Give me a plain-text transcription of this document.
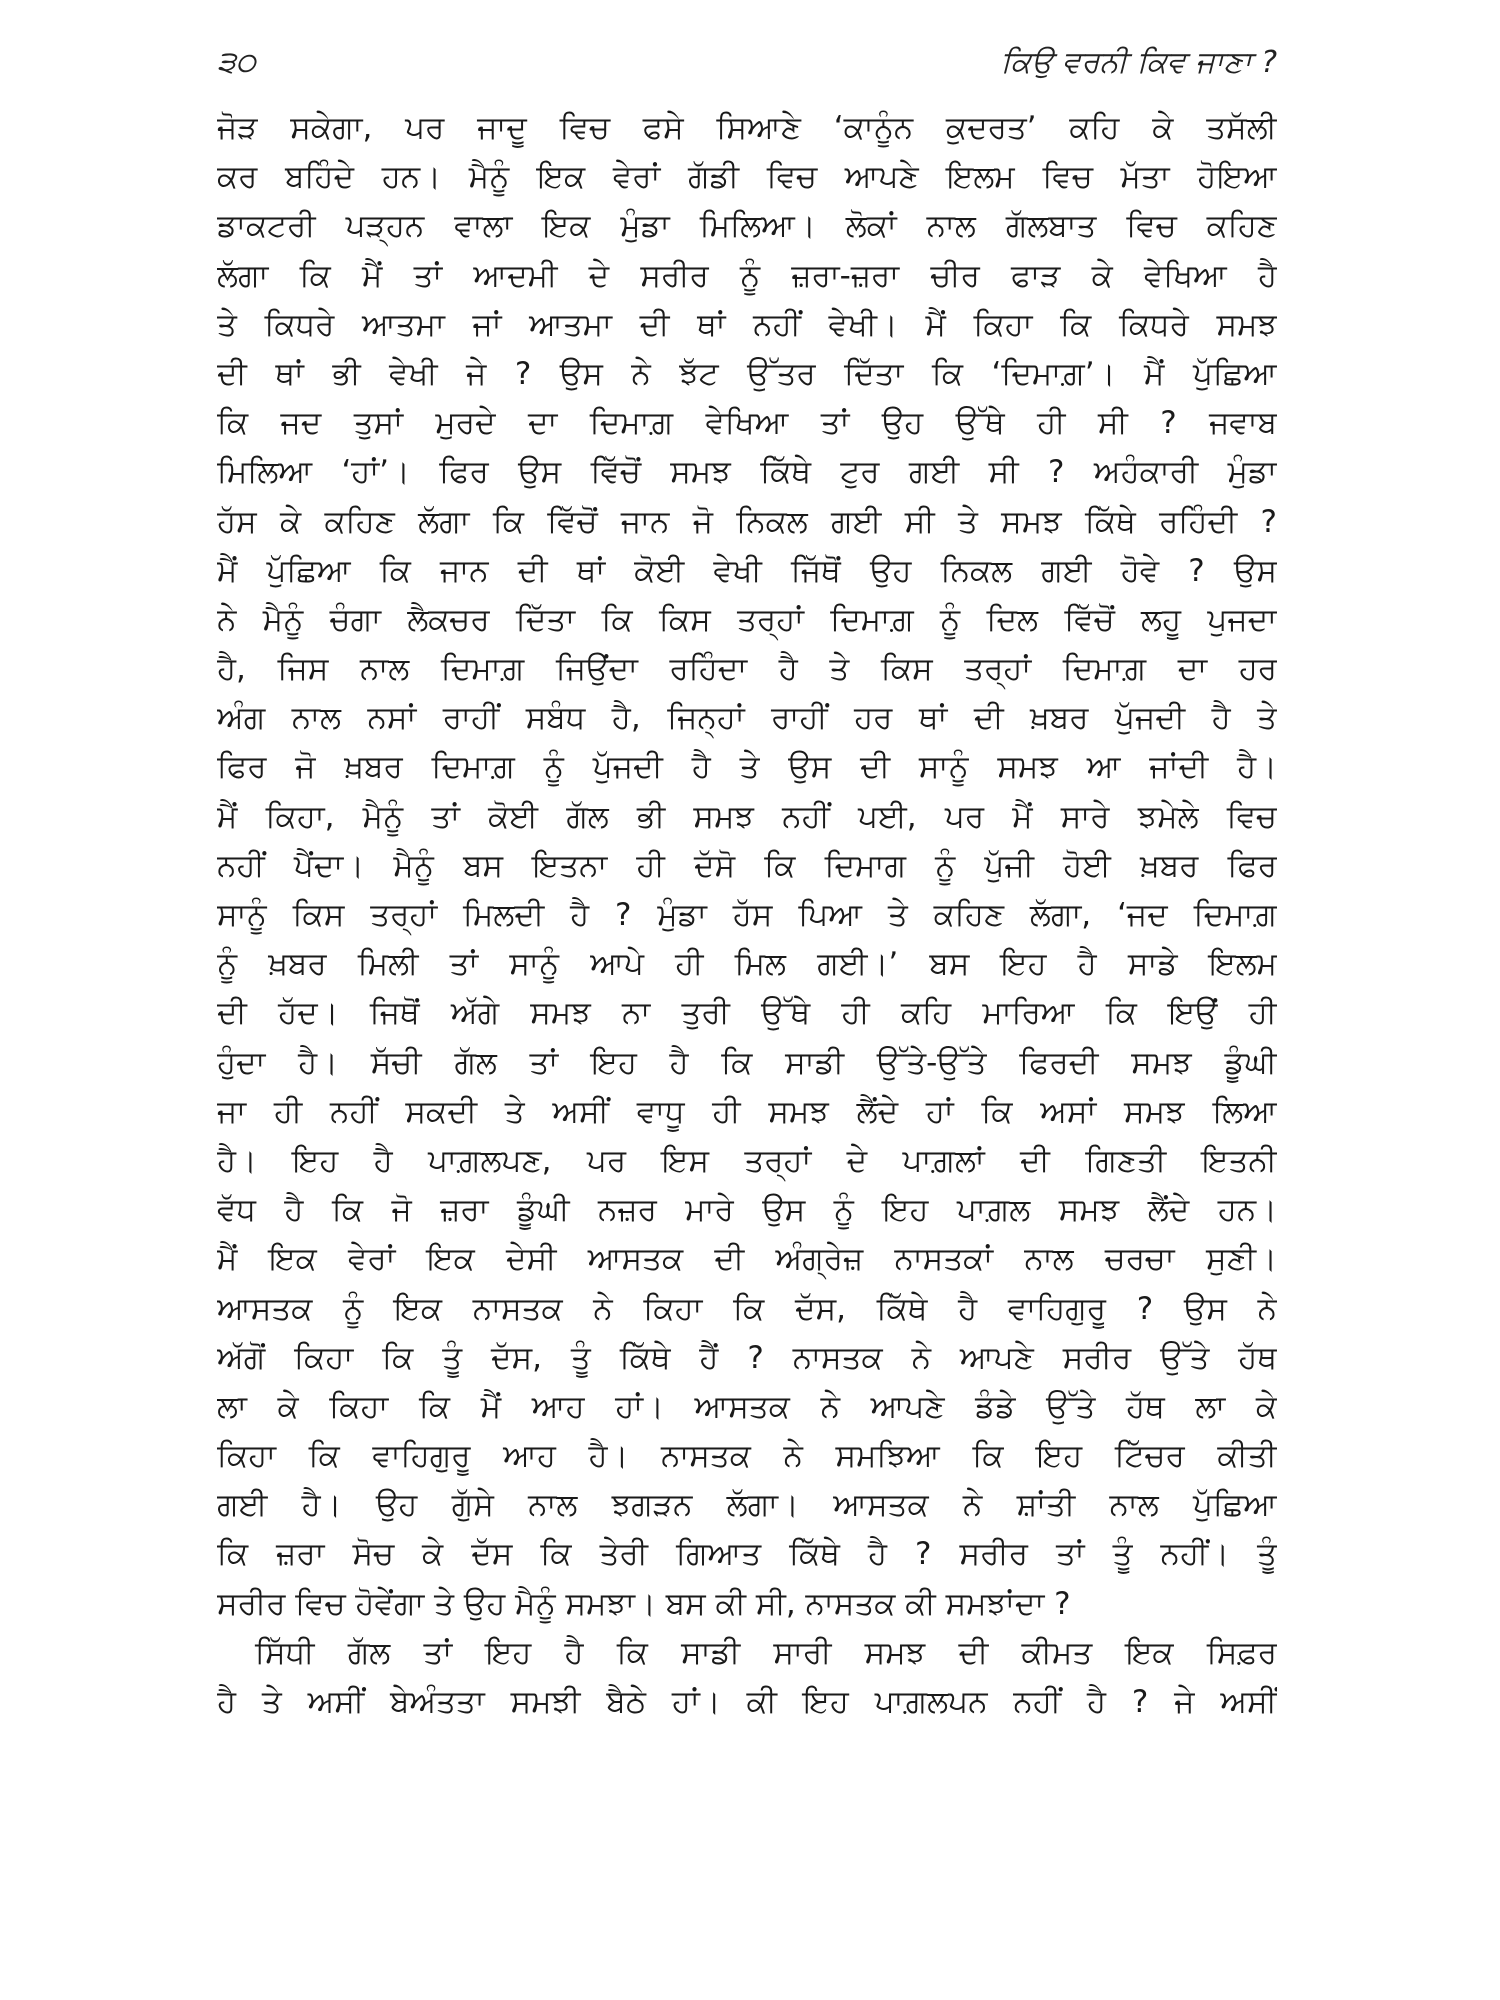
੩੦	ਕਿਉ ਵਰਨੀ ਕਿਵ ਜਾਣਾ ?
ਜੋੜ ਸਕੇਗਾ, ਪਰ ਜਾਦੂ ਵਿਚ ਫਸੇ ਸਿਆਣੇ ‘ਕਾਨੂੰਨ ਕੁਦਰਤ’ ਕਹਿ ਕੇ ਤਸੱਲੀ
ਕਰ ਬਹਿੰਦੇ ਹਨ। ਮੈਨੂੰ ਇਕ ਵੇਰਾਂ ਗੱਡੀ ਵਿਚ ਆਪਣੇ ਇਲਮ ਵਿਚ ਮੱਤਾ ਹੋਇਆ
ਡਾਕਟਰੀ ਪੜ੍ਹਨ ਵਾਲਾ ਇਕ ਮੁੰਡਾ ਮਿਲਿਆ। ਲੋਕਾਂ ਨਾਲ ਗੱਲਬਾਤ ਵਿਚ ਕਹਿਣ
ਲੱਗਾ ਕਿ ਮੈਂ ਤਾਂ ਆਦਮੀ ਦੇ ਸਰੀਰ ਨੂੰ ਜ਼ਰਾ-ਜ਼ਰਾ ਚੀਰ ਫਾੜ ਕੇ ਵੇਖਿਆ ਹੈ
ਤੇ ਕਿਧਰੇ ਆਤਮਾ ਜਾਂ ਆਤਮਾ ਦੀ ਥਾਂ ਨਹੀਂ ਵੇਖੀ। ਮੈਂ ਕਿਹਾ ਕਿ ਕਿਧਰੇ ਸਮਝ
ਦੀ ਥਾਂ ਭੀ ਵੇਖੀ ਜੇ ? ਉਸ ਨੇ ਝੱਟ ਉੱਤਰ ਦਿੱਤਾ ਕਿ ‘ਦਿਮਾਗ਼’। ਮੈਂ ਪੁੱਛਿਆ
ਕਿ ਜਦ ਤੁਸਾਂ ਮੁਰਦੇ ਦਾ ਦਿਮਾਗ਼ ਵੇਖਿਆ ਤਾਂ ਉਹ ਉੱਥੇ ਹੀ ਸੀ ? ਜਵਾਬ
ਮਿਲਿਆ ‘ਹਾਂ’। ਫਿਰ ਉਸ ਵਿੱਚੋਂ ਸਮਝ ਕਿੱਥੇ ਟੁਰ ਗਈ ਸੀ ? ਅਹੰਕਾਰੀ ਮੁੰਡਾ
ਹੱਸ ਕੇ ਕਹਿਣ ਲੱਗਾ ਕਿ ਵਿੱਚੋਂ ਜਾਨ ਜੋ ਨਿਕਲ ਗਈ ਸੀ ਤੇ ਸਮਝ ਕਿੱਥੇ ਰਹਿੰਦੀ ?
ਮੈਂ ਪੁੱਛਿਆ ਕਿ ਜਾਨ ਦੀ ਥਾਂ ਕੋਈ ਵੇਖੀ ਜਿੱਥੋਂ ਉਹ ਨਿਕਲ ਗਈ ਹੋਵੇ ? ਉਸ
ਨੇ ਮੈਨੂੰ ਚੰਗਾ ਲੈਕਚਰ ਦਿੱਤਾ ਕਿ ਕਿਸ ਤਰ੍ਹਾਂ ਦਿਮਾਗ਼ ਨੂੰ ਦਿਲ ਵਿੱਚੋਂ ਲਹੂ ਪੁਜਦਾ
ਹੈ, ਜਿਸ ਨਾਲ ਦਿਮਾਗ਼ ਜਿਉਂਦਾ ਰਹਿੰਦਾ ਹੈ ਤੇ ਕਿਸ ਤਰ੍ਹਾਂ ਦਿਮਾਗ਼ ਦਾ ਹਰ
ਅੰਗ ਨਾਲ ਨਸਾਂ ਰਾਹੀਂ ਸਬੰਧ ਹੈ, ਜਿਨ੍ਹਾਂ ਰਾਹੀਂ ਹਰ ਥਾਂ ਦੀ ਖ਼ਬਰ ਪੁੱਜਦੀ ਹੈ ਤੇ
ਫਿਰ ਜੋ ਖ਼ਬਰ ਦਿਮਾਗ਼ ਨੂੰ ਪੁੱਜਦੀ ਹੈ ਤੇ ਉਸ ਦੀ ਸਾਨੂੰ ਸਮਝ ਆ ਜਾਂਦੀ ਹੈ।
ਮੈਂ ਕਿਹਾ, ਮੈਨੂੰ ਤਾਂ ਕੋਈ ਗੱਲ ਭੀ ਸਮਝ ਨਹੀਂ ਪਈ, ਪਰ ਮੈਂ ਸਾਰੇ ਝਮੇਲੇ ਵਿਚ
ਨਹੀਂ ਪੈਂਦਾ। ਮੈਨੂੰ ਬਸ ਇਤਨਾ ਹੀ ਦੱਸੋ ਕਿ ਦਿਮਾਗ ਨੂੰ ਪੁੱਜੀ ਹੋਈ ਖ਼ਬਰ ਫਿਰ
ਸਾਨੂੰ ਕਿਸ ਤਰ੍ਹਾਂ ਮਿਲਦੀ ਹੈ ? ਮੁੰਡਾ ਹੱਸ ਪਿਆ ਤੇ ਕਹਿਣ ਲੱਗਾ, ‘ਜਦ ਦਿਮਾਗ਼
ਨੂੰ ਖ਼ਬਰ ਮਿਲੀ ਤਾਂ ਸਾਨੂੰ ਆਪੇ ਹੀ ਮਿਲ ਗਈ।’ ਬਸ ਇਹ ਹੈ ਸਾਡੇ ਇਲਮ
ਦੀ ਹੱਦ। ਜਿਥੋਂ ਅੱਗੇ ਸਮਝ ਨਾ ਤੁਰੀ ਉੱਥੇ ਹੀ ਕਹਿ ਮਾਰਿਆ ਕਿ ਇਉਂ ਹੀ
ਹੁੰਦਾ ਹੈ। ਸੱਚੀ ਗੱਲ ਤਾਂ ਇਹ ਹੈ ਕਿ ਸਾਡੀ ਉੱਤੇ-ਉੱਤੇ ਫਿਰਦੀ ਸਮਝ ਡੂੰਘੀ
ਜਾ ਹੀ ਨਹੀਂ ਸਕਦੀ ਤੇ ਅਸੀਂ ਵਾਧੂ ਹੀ ਸਮਝ ਲੈਂਦੇ ਹਾਂ ਕਿ ਅਸਾਂ ਸਮਝ ਲਿਆ
ਹੈ। ਇਹ ਹੈ ਪਾਗ਼ਲਪਣ, ਪਰ ਇਸ ਤਰ੍ਹਾਂ ਦੇ ਪਾਗ਼ਲਾਂ ਦੀ ਗਿਣਤੀ ਇਤਨੀ
ਵੱਧ ਹੈ ਕਿ ਜੋ ਜ਼ਰਾ ਡੂੰਘੀ ਨਜ਼ਰ ਮਾਰੇ ਉਸ ਨੂੰ ਇਹ ਪਾਗ਼ਲ ਸਮਝ ਲੈਂਦੇ ਹਨ।
ਮੈਂ ਇਕ ਵੇਰਾਂ ਇਕ ਦੇਸੀ ਆਸਤਕ ਦੀ ਅੰਗ੍ਰੇਜ਼ ਨਾਸਤਕਾਂ ਨਾਲ ਚਰਚਾ ਸੁਣੀ।
ਆਸਤਕ ਨੂੰ ਇਕ ਨਾਸਤਕ ਨੇ ਕਿਹਾ ਕਿ ਦੱਸ, ਕਿੱਥੇ ਹੈ ਵਾਹਿਗੁਰੂ ? ਉਸ ਨੇ
ਅੱਗੋਂ ਕਿਹਾ ਕਿ ਤੂੰ ਦੱਸ, ਤੂੰ ਕਿੱਥੇ ਹੈਂ ? ਨਾਸਤਕ ਨੇ ਆਪਣੇ ਸਰੀਰ ਉੱਤੇ ਹੱਥ
ਲਾ ਕੇ ਕਿਹਾ ਕਿ ਮੈਂ ਆਹ ਹਾਂ। ਆਸਤਕ ਨੇ ਆਪਣੇ ਡੰਡੇ ਉੱਤੇ ਹੱਥ ਲਾ ਕੇ
ਕਿਹਾ ਕਿ ਵਾਹਿਗੁਰੂ ਆਹ ਹੈ। ਨਾਸਤਕ ਨੇ ਸਮਝਿਆ ਕਿ ਇਹ ਟਿੱਚਰ ਕੀਤੀ
ਗਈ ਹੈ। ਉਹ ਗੁੱਸੇ ਨਾਲ ਝਗੜਨ ਲੱਗਾ। ਆਸਤਕ ਨੇ ਸ਼ਾਂਤੀ ਨਾਲ ਪੁੱਛਿਆ
ਕਿ ਜ਼ਰਾ ਸੋਚ ਕੇ ਦੱਸ ਕਿ ਤੇਰੀ ਗਿਆਤ ਕਿੱਥੇ ਹੈ ? ਸਰੀਰ ਤਾਂ ਤੂੰ ਨਹੀਂ। ਤੂੰ
ਸਰੀਰ ਵਿਚ ਹੋਵੇਂਗਾ ਤੇ ਉਹ ਮੈਨੂੰ ਸਮਝਾ। ਬਸ ਕੀ ਸੀ, ਨਾਸਤਕ ਕੀ ਸਮਝਾਂਦਾ ?
ਸਿੱਧੀ ਗੱਲ ਤਾਂ ਇਹ ਹੈ ਕਿ ਸਾਡੀ ਸਾਰੀ ਸਮਝ ਦੀ ਕੀਮਤ ਇਕ ਸਿਫ਼ਰ
ਹੈ ਤੇ ਅਸੀਂ ਬੇਅੰਤਤਾ ਸਮਝੀ ਬੈਠੇ ਹਾਂ। ਕੀ ਇਹ ਪਾਗ਼ਲਪਨ ਨਹੀਂ ਹੈ ? ਜੇ ਅਸੀਂ
